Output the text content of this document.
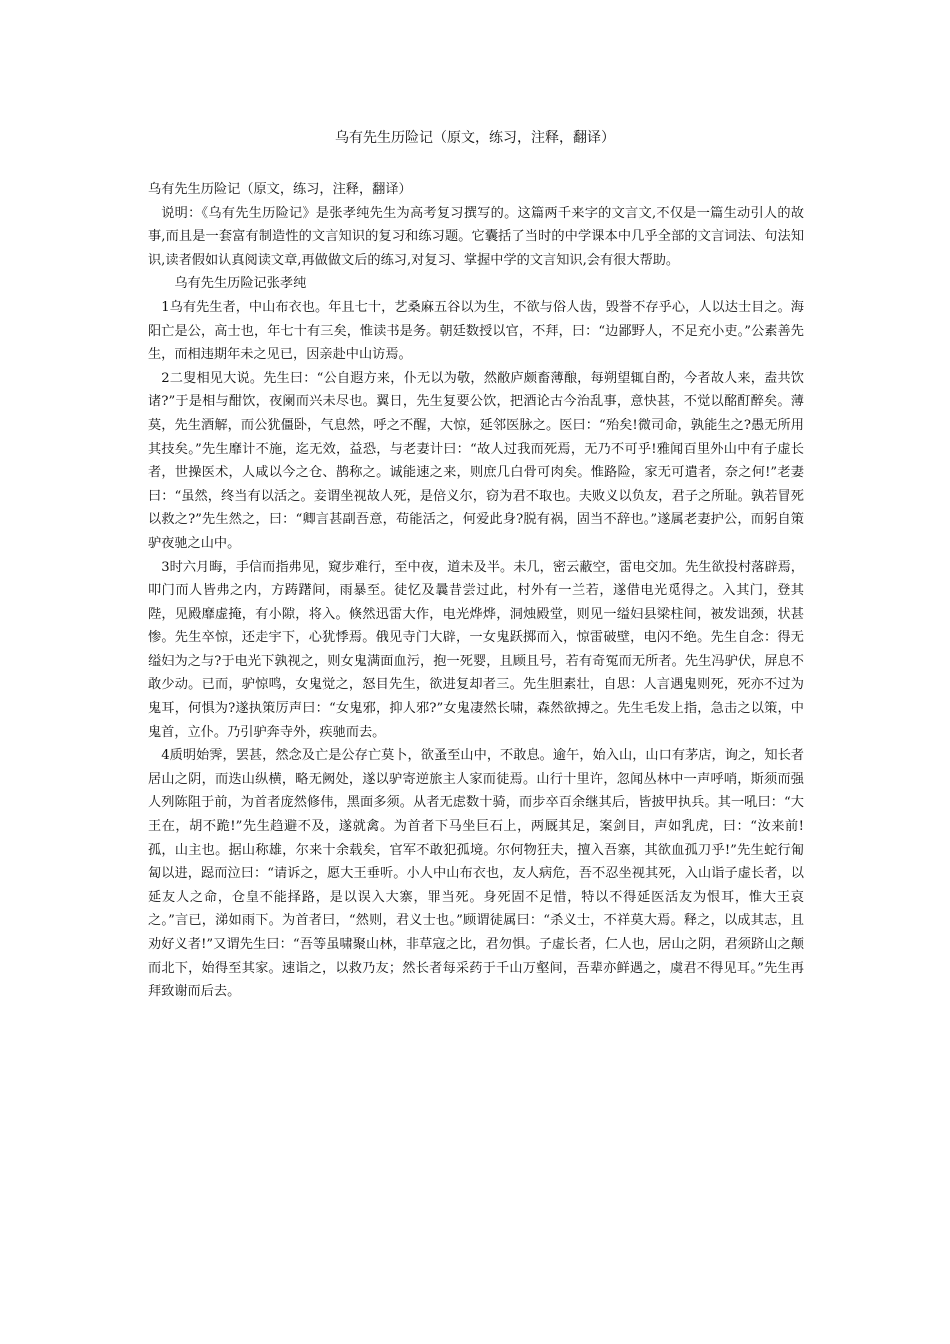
乌有先生历险记（原文，练习，注释，翻译）

乌有先生历险记（原文，练习，注释，翻译）

说明：《乌有先生历险记》是张孝纯先生为高考复习撰写的。这篇两千来字的文言文,不仅是一篇生动引人的故事,而且是一套富有制造性的文言知识的复习和练习题。它囊括了当时的中学课本中几乎全部的文言词法、句法知识,读者假如认真阅读文章,再做做文后的练习,对复习、掌握中学的文言知识,会有很大帮助。

乌有先生历险记张孝纯

1乌有先生者，中山布衣也。年且七十，艺桑麻五谷以为生，不欲与俗人齿，毁誉不存乎心，人以达士目之。海阳亡是公，高士也，年七十有三矣，惟读书是务。朝廷数授以官，不拜，曰：“边鄙野人，不足充小吏。”公素善先生，而相违期年未之见已，因亲赴中山访焉。

2二叟相见大说。先生曰：“公自遐方来，仆无以为敬，然敝庐颇畜薄酿，每朔望辄自酌，今者故人来，盍共饮诸?”于是相与酣饮，夜阑而兴未尽也。翼日，先生复要公饮，把酒论古今治乱事，意快甚，不觉以酩酊醉矣。薄莫，先生酒解，而公犹僵卧，气息然，呼之不醒，大惊，延邻医脉之。医曰：“殆矣!微司命，孰能生之?愚无所用其技矣。”先生靡计不施，迄无效，益恐，与老妻计曰：“故人过我而死焉，无乃不可乎!雅闻百里外山中有子虚长者，世操医术，人咸以今之仓、鹊称之。诚能速之来，则庶几白骨可肉矣。惟路险，家无可遣者，奈之何!”老妻曰：“虽然，终当有以活之。妾谓坐视故人死，是倍义尔，窃为君不取也。夫败义以负友，君子之所耻。孰若冒死以救之?”先生然之，曰：“卿言甚副吾意，苟能活之，何爱此身?脱有祸，固当不辞也。”遂属老妻护公，而躬自策驴夜驰之山中。

3时六月晦，手信而指弗见，窥步难行，至中夜，道未及半。未几，密云蔽空，雷电交加。先生欲投村落辟焉，叩门而人皆弗之内，方踌躇间，雨暴至。徒忆及曩昔尝过此，村外有一兰若，遂借电光觅得之。入其门，登其陛，见殿靡虚掩，有小隙，将入。倏然迅雷大作，电光烨烨，洞烛殿堂，则见一缢妇县梁柱间，被发诎颈，状甚惨。先生卒惊，还走宇下，心犹悸焉。俄见寺门大辟，一女鬼跃掷而入，惊雷破壁，电闪不绝。先生自念：得无缢妇为之与?于电光下孰视之，则女鬼满面血污，抱一死婴，且顾且号，若有奇冤而无所者。先生冯驴伏，屏息不敢少动。已而，驴惊鸣，女鬼觉之，怒目先生，欲进复却者三。先生胆素壮，自思：人言遇鬼则死，死亦不过为鬼耳，何惧为?遂执策厉声曰：“女鬼邪，抑人邪?”女鬼凄然长啸，森然欲搏之。先生毛发上指，急击之以策，中鬼首，立仆。乃引驴奔寺外，疾驰而去。

4质明始霁，罢甚，然念及亡是公存亡莫卜，欲蚤至山中，不敢息。逾午，始入山，山口有茅店，询之，知长者居山之阴，而迭山纵横，略无阙处，遂以驴寄逆旅主人家而徒焉。山行十里许，忽闻丛林中一声呼哨，斯须而强人列陈阻于前，为首者庞然修伟，黑面多须。从者无虑数十骑，而步卒百余继其后，皆披甲执兵。其一吼曰：“大王在，胡不跪!”先生趋避不及，遂就禽。为首者下马坐巨石上，两厩其足，案剑目，声如乳虎，曰：“汝来前!孤，山主也。据山称雄，尔来十余载矣，官军不敢犯孤境。尔何物狂夫，擅入吾寨，其欲血孤刀乎!”先生蛇行匍匐以进，跽而泣曰：“请诉之，愿大王垂听。小人中山布衣也，友人病危，吾不忍坐视其死，入山诣子虚长者，以延友人之命，仓皇不能择路，是以误入大寨，罪当死。身死固不足惜，特以不得延医活友为恨耳，惟大王哀之。”言已，涕如雨下。为首者曰，“然则，君义士也。”顾谓徒属曰：“杀义士，不祥莫大焉。释之，以成其志，且劝好义者!”又谓先生曰：“吾等虽啸聚山林，非草寇之比，君勿惧。子虚长者，仁人也，居山之阴，君须跻山之颠而北下，始得至其家。速诣之，以救乃友；然长者每采药于千山万壑间，吾辈亦鲜遇之，虞君不得见耳。”先生再拜致谢而后去。
